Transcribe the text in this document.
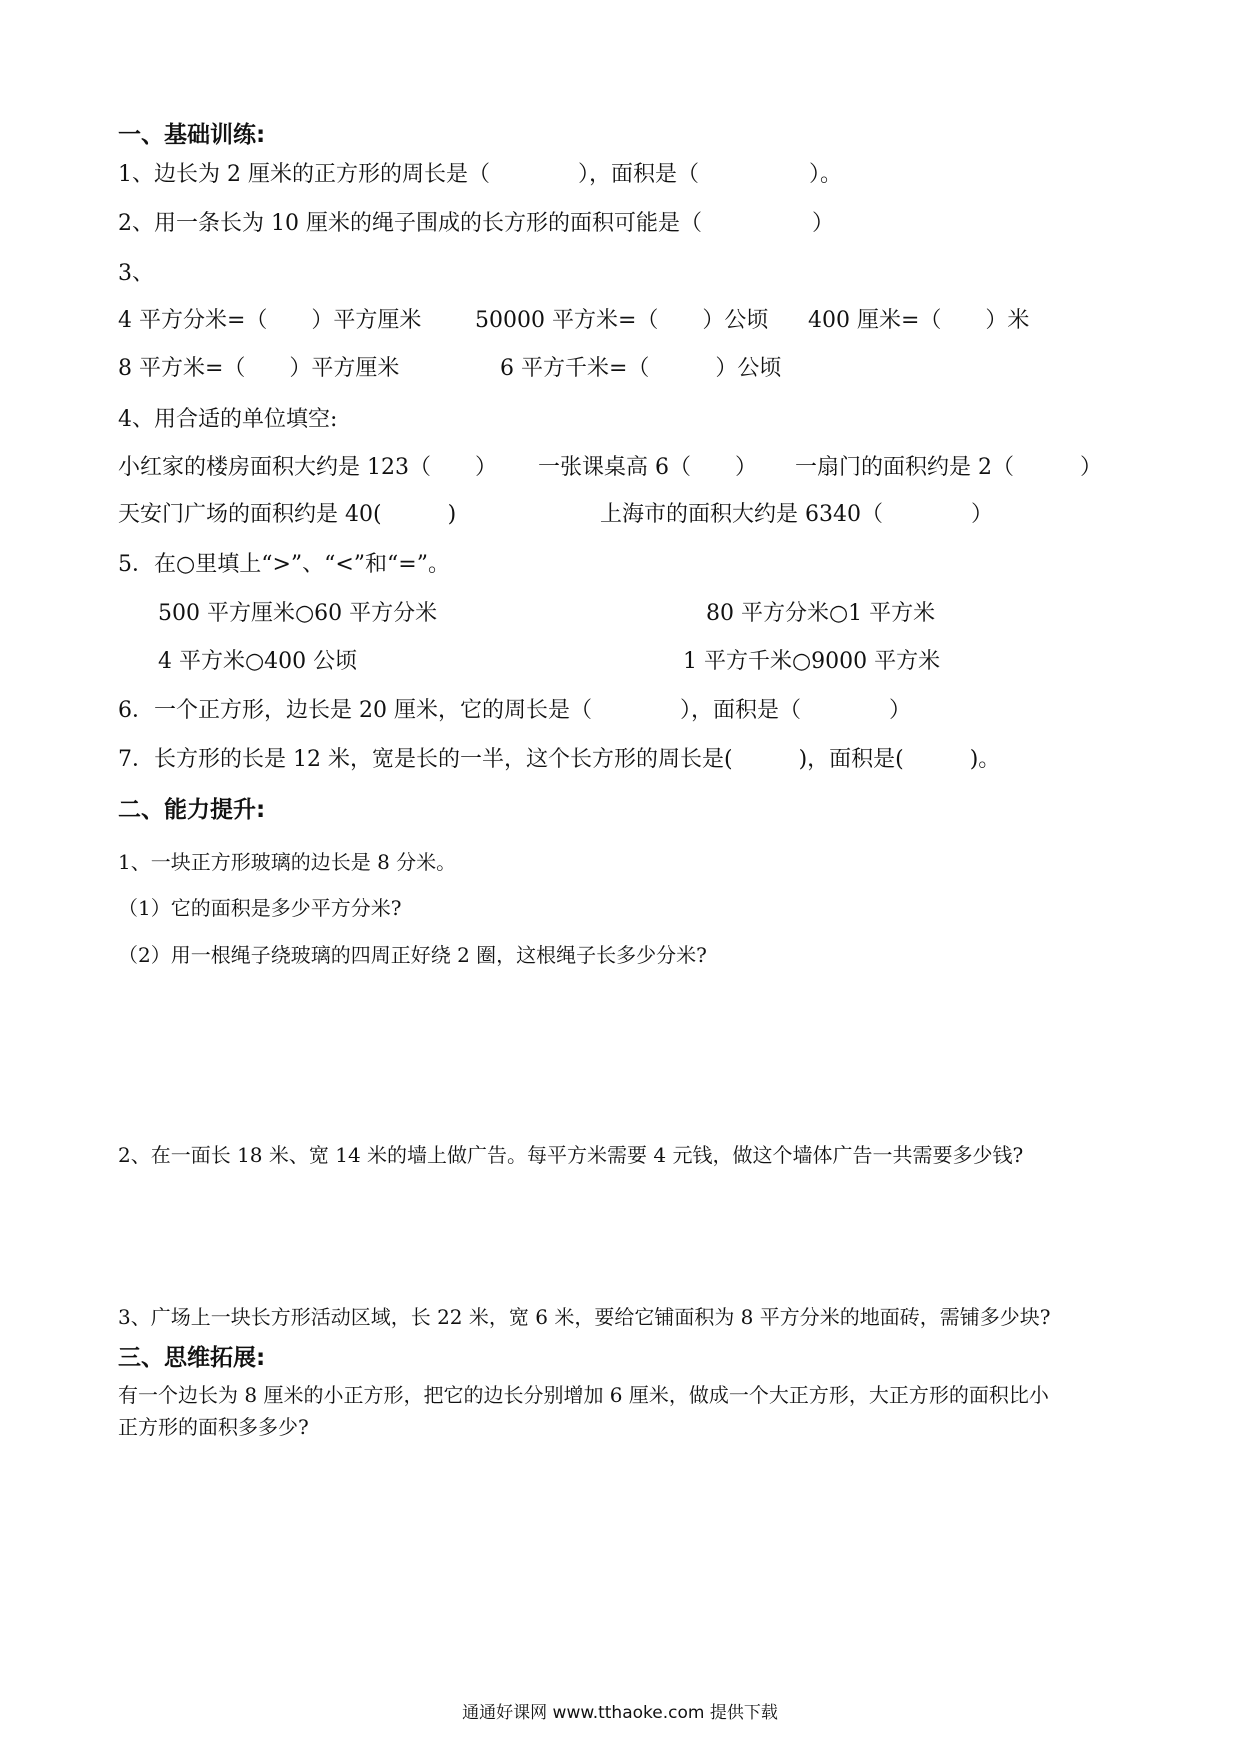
一、基础训练:
1、边长为 2 厘米的正方形的周长是（　　　　），面积是（　　　　　）。
2、用一条长为 10 厘米的绳子围成的长方形的面积可能是（　　　　　）
3、
4 平方分米=（　　）平方厘米 50000 平方米=（　　）公顷 400 厘米=（　　）米
8 平方米=（　　）平方厘米	6 平方千米=（　　　）公顷
4、用合适的单位填空:
小红家的楼房面积大约是 123（　　） 一张课桌高 6（　　） 一扇门的面积约是 2（　　　）
天安门广场的面积约是 40(　　　)	上海市的面积大约是 6340（　　　　）
5．在○里填上“>”、“<”和“=”。
500 平方厘米○60 平方分米	80 平方分米○1 平方米
4 平方米○400 公顷	1 平方千米○9000 平方米
6．一个正方形，边长是 20 厘米，它的周长是（　　　　），面积是（　　　　）
7．长方形的长是 12 米，宽是长的一半，这个长方形的周长是(　　　)，面积是(　　　)。
二、能力提升:
1、一块正方形玻璃的边长是 8 分米。
（1）它的面积是多少平方分米?
（2）用一根绳子绕玻璃的四周正好绕 2 圈，这根绳子长多少分米?
2、在一面长 18 米、宽 14 米的墙上做广告。每平方米需要 4 元钱，做这个墙体广告一共需要多少钱?
3、广场上一块长方形活动区域，长 22 米，宽 6 米，要给它铺面积为 8 平方分米的地面砖，需铺多少块?
三、思维拓展:
有一个边长为 8 厘米的小正方形，把它的边长分别增加 6 厘米，做成一个大正方形，大正方形的面积比小
正方形的面积多多少?
通通好课网 www.tthaoke.com 提供下载
